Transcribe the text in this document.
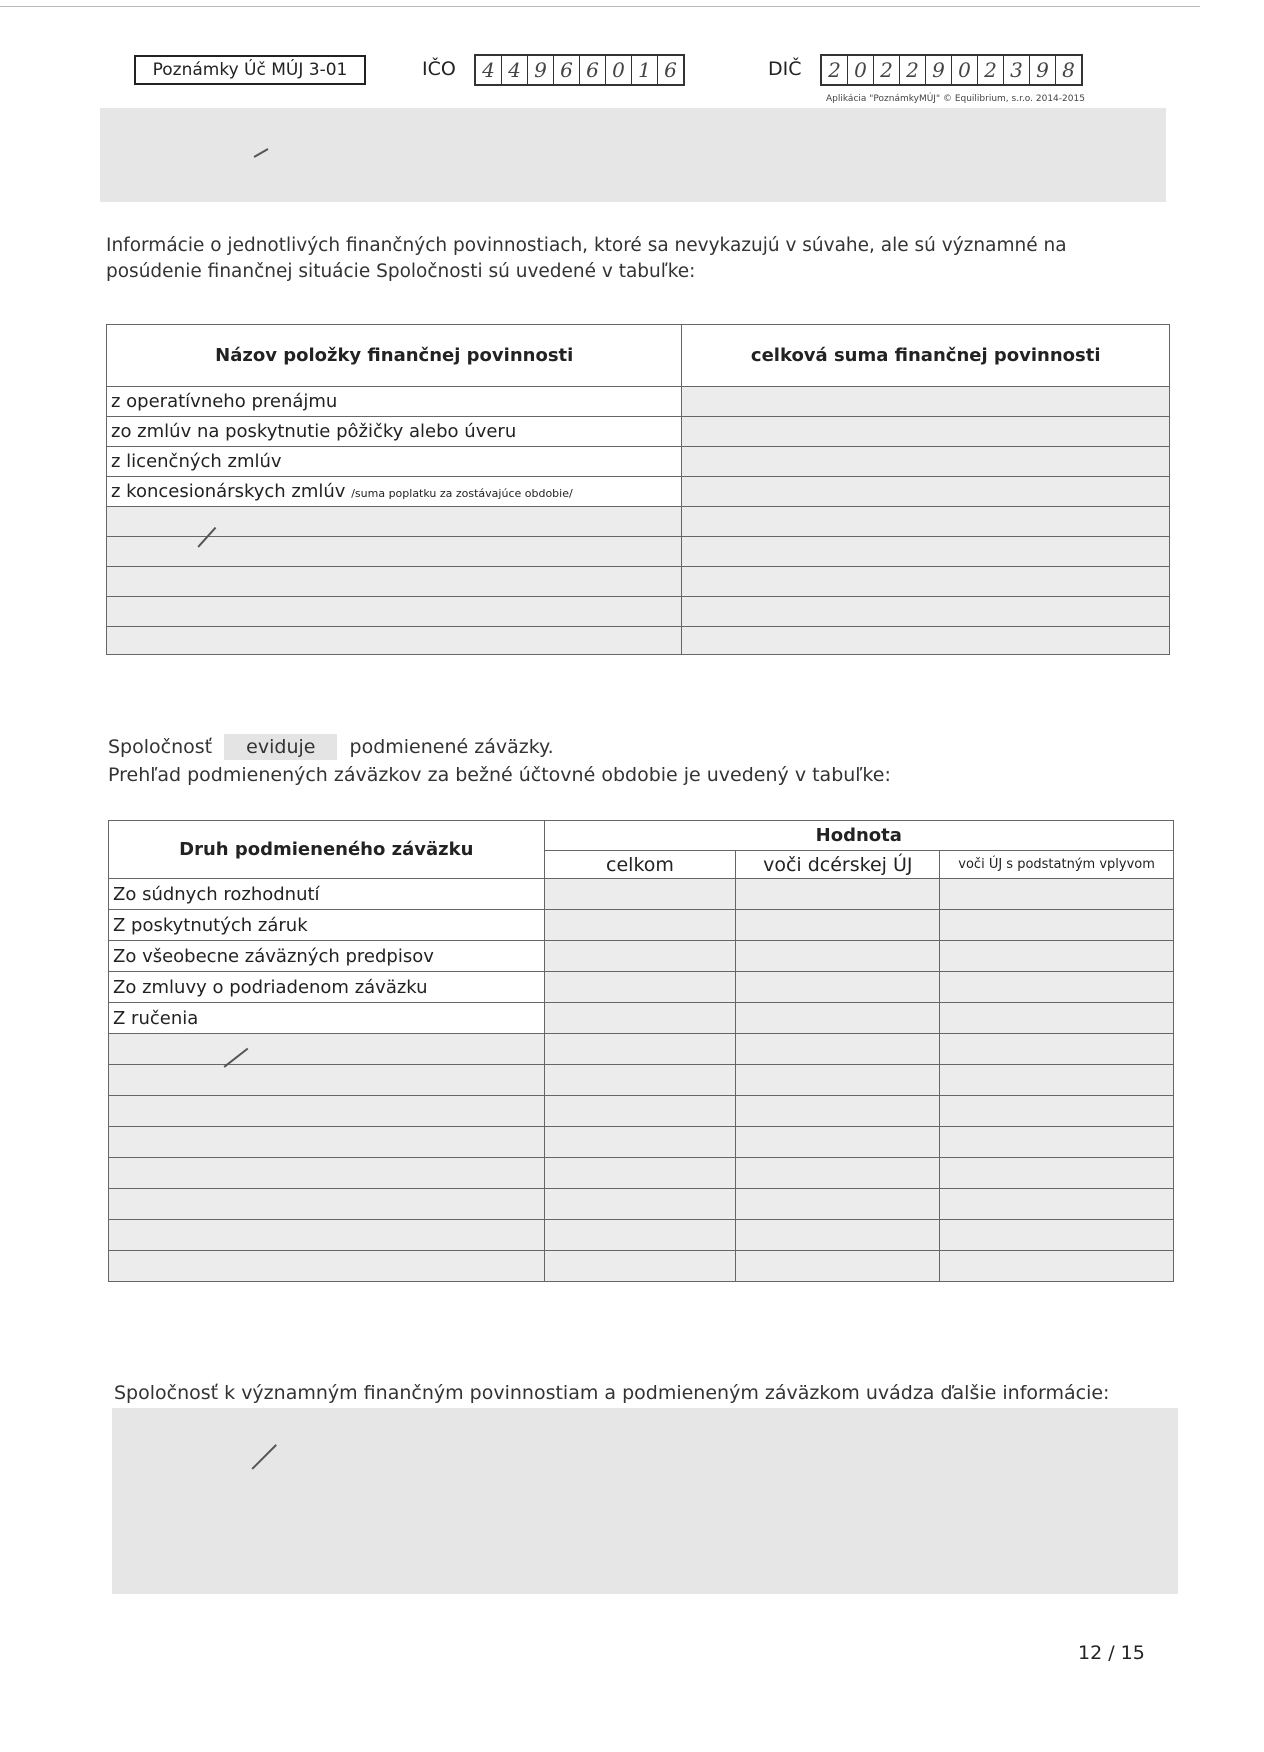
Poznámky Úč MÚJ 3-01	IČO	4 4 9 6 6 0 1 6	DIČ	2 0 2 2 9 0 2 3 9 8
Aplikácia "PoznámkyMÚJ" © Equilibrium, s.r.o. 2014-2015
Informácie o jednotlivých finančných povinnostiach, ktoré sa nevykazujú v súvahe, ale sú významné na posúdenie finančnej situácie Spoločnosti sú uvedené v tabuľke:
Názov položky finančnej povinnosti	celková suma finančnej povinnosti
z operatívneho prenájmu	
zo zmlúv na poskytnutie pôžičky alebo úveru	
z licenčných zmlúv	
z koncesionárskych zmlúv /suma poplatku za zostávajúce obdobie/	

Spoločnosť eviduje podmienené záväzky.
Prehľad podmienených záväzkov za bežné účtovné obdobie je uvedený v tabuľke:
Druh podmieneného záväzku	Hodnota		
	celkom	voči dcérskej ÚJ	voči ÚJ s podstatným vplyvom
Zo súdnych rozhodnutí			
Z poskytnutých záruk			
Zo všeobecne záväzných predpisov			
Zo zmluvy o podriadenom záväzku			
Z ručenia			

Spoločnosť k významným finančným povinnostiam a podmieneným záväzkom uvádza ďalšie informácie:
12 / 15
